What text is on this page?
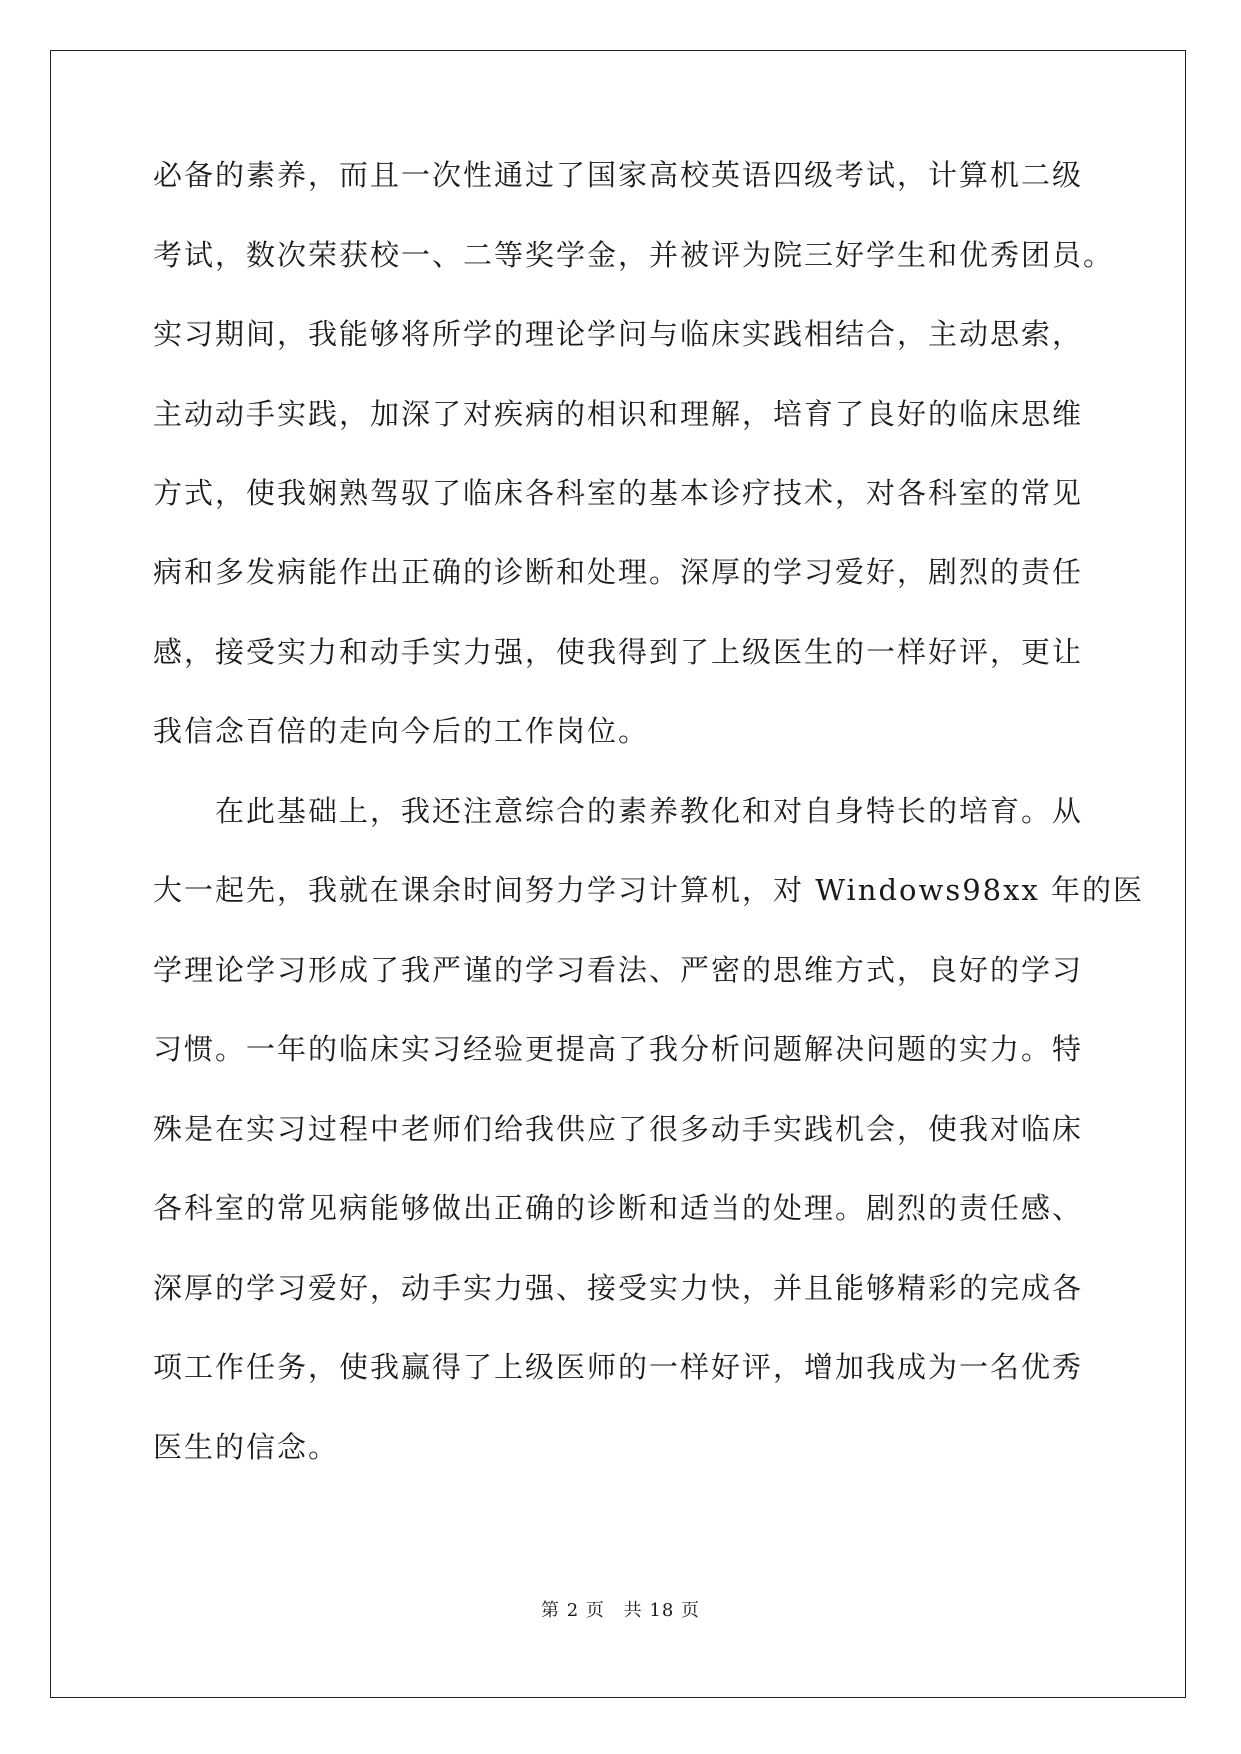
必备的素养，而且一次性通过了国家高校英语四级考试，计算机二级
考试，数次荣获校一、二等奖学金，并被评为院三好学生和优秀团员。
实习期间，我能够将所学的理论学问与临床实践相结合，主动思索，
主动动手实践，加深了对疾病的相识和理解，培育了良好的临床思维
方式，使我娴熟驾驭了临床各科室的基本诊疗技术，对各科室的常见
病和多发病能作出正确的诊断和处理。深厚的学习爱好，剧烈的责任
感，接受实力和动手实力强，使我得到了上级医生的一样好评，更让
我信念百倍的走向今后的工作岗位。
在此基础上，我还注意综合的素养教化和对自身特长的培育。从
大一起先，我就在课余时间努力学习计算机，对 Windows98xx 年的医
学理论学习形成了我严谨的学习看法、严密的思维方式，良好的学习
习惯。一年的临床实习经验更提高了我分析问题解决问题的实力。特
殊是在实习过程中老师们给我供应了很多动手实践机会，使我对临床
各科室的常见病能够做出正确的诊断和适当的处理。剧烈的责任感、
深厚的学习爱好，动手实力强、接受实力快，并且能够精彩的完成各
项工作任务，使我赢得了上级医师的一样好评，增加我成为一名优秀
医生的信念。
第 2 页 共 18 页
